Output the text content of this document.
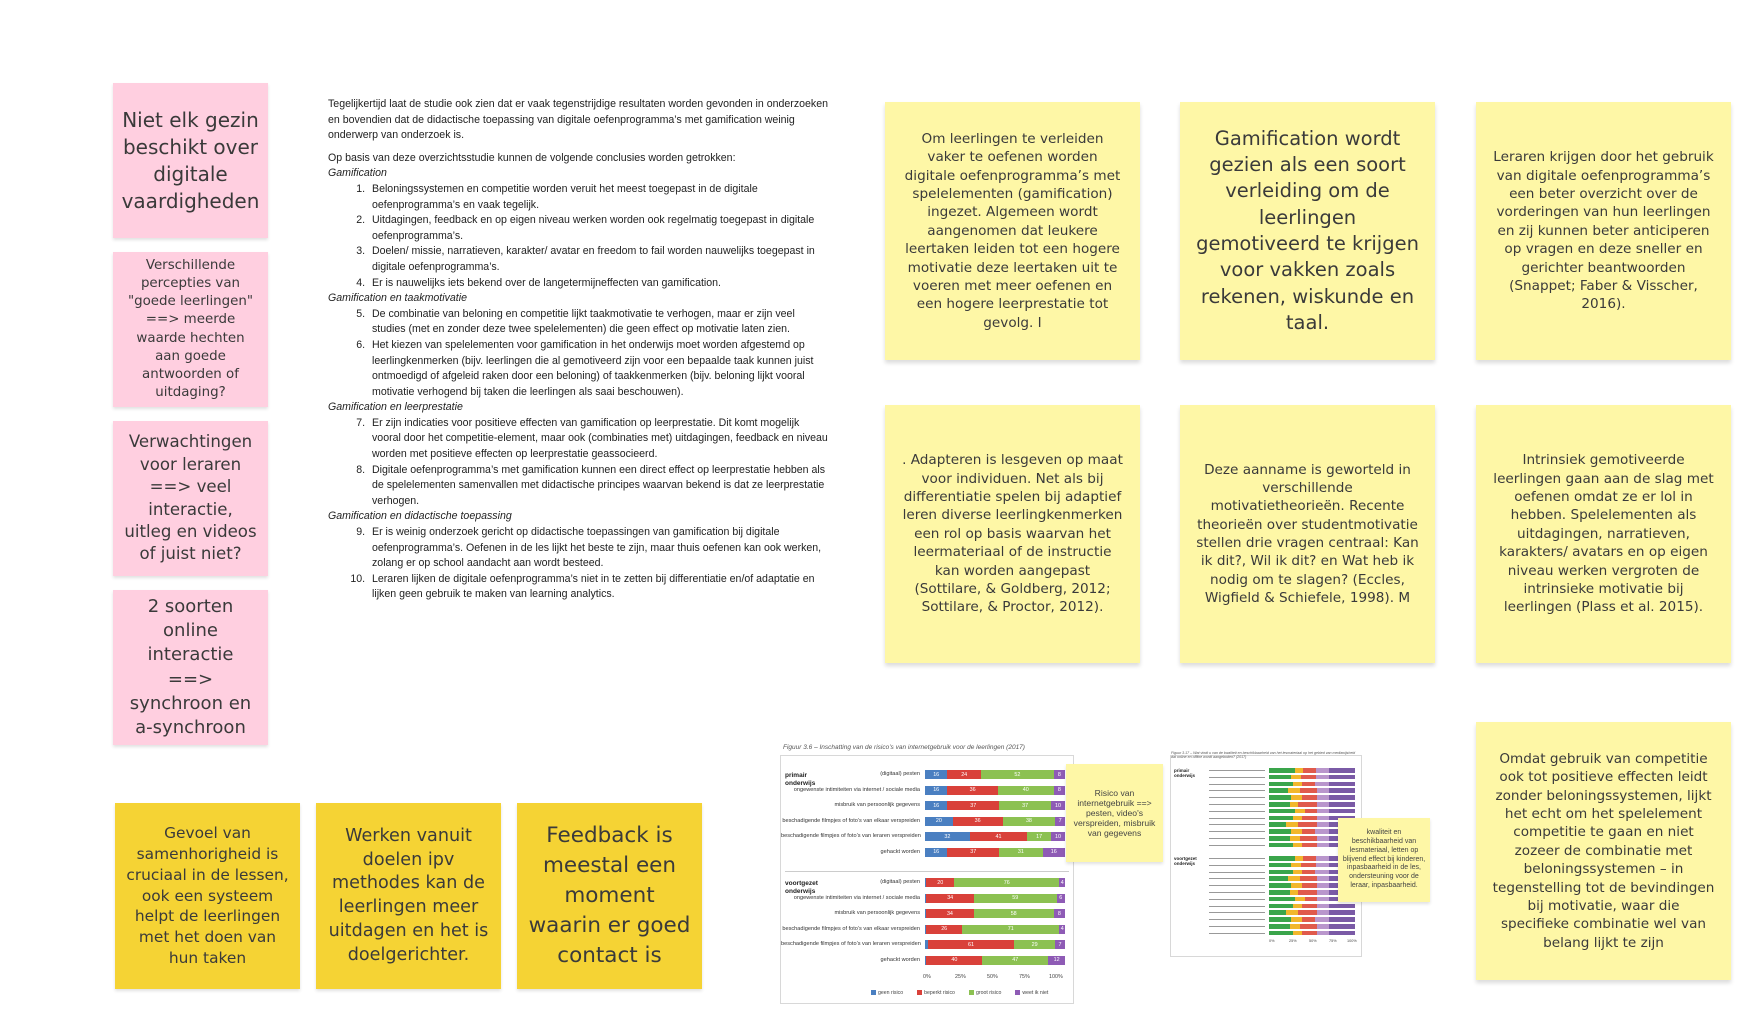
Niet elk gezin beschikt over digitale vaardigheden
Verschillende percepties van "goede leerlingen" ==> meerde waarde hechten aan goede antwoorden of uitdaging?
Verwachtingen voor leraren ==> veel interactie, uitleg en videos of juist niet?
2 soorten online interactie ==> synchroon en a-synchroon

Tegelijkertijd laat de studie ook zien dat er vaak tegenstrijdige resultaten worden gevonden in onderzoeken en bovendien dat de didactische toepassing van digitale oefenprogramma’s met gamification weinig onderwerp van onderzoek is.

Op basis van deze overzichtsstudie kunnen de volgende conclusies worden getrokken:

Gamification
1. Beloningssystemen en competitie worden veruit het meest toegepast in de digitale oefenprogramma’s en vaak tegelijk.
2. Uitdagingen, feedback en op eigen niveau werken worden ook regelmatig toegepast in digitale oefenprogramma’s.
3. Doelen/ missie, narratieven, karakter/ avatar en freedom to fail worden nauwelijks toegepast in digitale oefenprogramma’s.
4. Er is nauwelijks iets bekend over de langetermijneffecten van gamification.
Gamification en taakmotivatie
5. De combinatie van beloning en competitie lijkt taakmotivatie te verhogen, maar er zijn veel studies (met en zonder deze twee spelelementen) die geen effect op motivatie laten zien.
6. Het kiezen van spelelementen voor gamification in het onderwijs moet worden afgestemd op leerlingkenmerken (bijv. leerlingen die al gemotiveerd zijn voor een bepaalde taak kunnen juist ontmoedigd of afgeleid raken door een beloning) of taakkenmerken (bijv. beloning lijkt vooral motivatie verhogend bij taken die leerlingen als saai beschouwen).
Gamification en leerprestatie
7. Er zijn indicaties voor positieve effecten van gamification op leerprestatie. Dit komt mogelijk vooral door het competitie-element, maar ook (combinaties met) uitdagingen, feedback en niveau worden met positieve effecten op leerprestatie geassocieerd.
8. Digitale oefenprogramma’s met gamification kunnen een direct effect op leerprestatie hebben als de spelelementen samenvallen met didactische principes waarvan bekend is dat ze leerprestatie verhogen.
Gamification en didactische toepassing
9. Er is weinig onderzoek gericht op didactische toepassingen van gamification bij digitale oefenprogramma’s. Oefenen in de les lijkt het beste te zijn, maar thuis oefenen kan ook werken, zolang er op school aandacht aan wordt besteed.
10. Leraren lijken de digitale oefenprogramma’s niet in te zetten bij differentiatie en/of adaptatie en lijken geen gebruik te maken van learning analytics.
Om leerlingen te verleiden vaker te oefenen worden digitale oefenprogramma’s met spelelementen (gamification) ingezet. Algemeen wordt aangenomen dat leukere leertaken leiden tot een hogere motivatie deze leertaken uit te voeren met meer oefenen en een hogere leerprestatie tot gevolg. I
Gamification wordt gezien als een soort verleiding om de leerlingen gemotiveerd te krijgen voor vakken zoals rekenen, wiskunde en taal.
Leraren krijgen door het gebruik van digitale oefenprogramma’s een beter overzicht over de vorderingen van hun leerlingen en zij kunnen beter anticiperen op vragen en deze sneller en gerichter beantwoorden (Snappet; Faber & Visscher, 2016).
. Adapteren is lesgeven op maat voor individuen. Net als bij differentiatie spelen bij adaptief leren diverse leerlingkenmerken een rol op basis waarvan het leermateriaal of de instructie kan worden aangepast (Sottilare, & Goldberg, 2012; Sottilare, & Proctor, 2012).
Deze aanname is geworteld in verschillende motivatietheorieën. Recente theorieën over studentmotivatie stellen drie vragen centraal: Kan ik dit?, Wil ik dit? en Wat heb ik nodig om te slagen? (Eccles, Wigfield & Schiefele, 1998). M
Intrinsiek gemotiveerde leerlingen gaan aan de slag met oefenen omdat ze er lol in hebben. Spelelementen als uitdagingen, narratieven, karakters/ avatars en op eigen niveau werken vergroten de intrinsieke motivatie bij leerlingen (Plass et al. 2015).
Omdat gebruik van competitie ook tot positieve effecten leidt zonder beloningssystemen, lijkt het echt om het spelelement competitie te gaan en niet zozeer de combinatie met beloningssystemen – in tegenstelling tot de bevindingen bij motivatie, waar die specifieke combinatie wel van belang lijkt te zijn
Gevoel van samenhorigheid is cruciaal in de lessen, ook een systeem helpt de leerlingen met het doen van hun taken
Werken vanuit doelen ipv methodes kan de leerlingen meer uitdagen en het is doelgerichter.
Feedback is meestal een moment waarin er goed contact is
Figuur 3.6 – Inschatting van de risico’s van internetgebruik voor de leerlingen (2017)
primair onderwijs
voortgezet onderwijs
(digitaal) pesten	16	24	52	8
ongewenste intimiteiten via internet / sociale media	16	36	40	8
misbruik van persoonlijk gegevens	16	37	37	10
beschadigende filmpjes of foto’s van elkaar verspreiden	20	36	38	7
beschadigende filmpjes of foto’s van leraren verspreiden	32	41	17	10
gehackt worden	16	37	31	16
(digitaal) pesten	20	76	4
ongewenste intimiteiten via internet / sociale media	34	59	6
misbruik van persoonlijk gegevens	34	58	8
beschadigende filmpjes of foto’s van elkaar verspreiden	26	71	4
beschadigende filmpjes of foto’s van leraren verspreiden	61	29	7
gehackt worden	40	47	12
0%	25%	50%	75%	100%
geen risico	beperkt risico	groot risico	weet ik niet
Risico van internetgebruik ==> pesten, video's verspreiden, misbruik van gegevens
Figuur 3.17 – Wat vindt u van de kwaliteit en beschikbaarheid van het lesmateriaal op het gebied van mediawijsheid dat online en offline wordt aangeboden? (2017)
primair onderwijs
voortgezet onderwijs
0%	25%	50%	75%	100%
kwaliteit en beschikbaarheid van lesmateriaal, letten op blijvend effect bij kinderen, inpasbaarheid in de les, ondersteuning voor de leraar, inpasbaarheid.
